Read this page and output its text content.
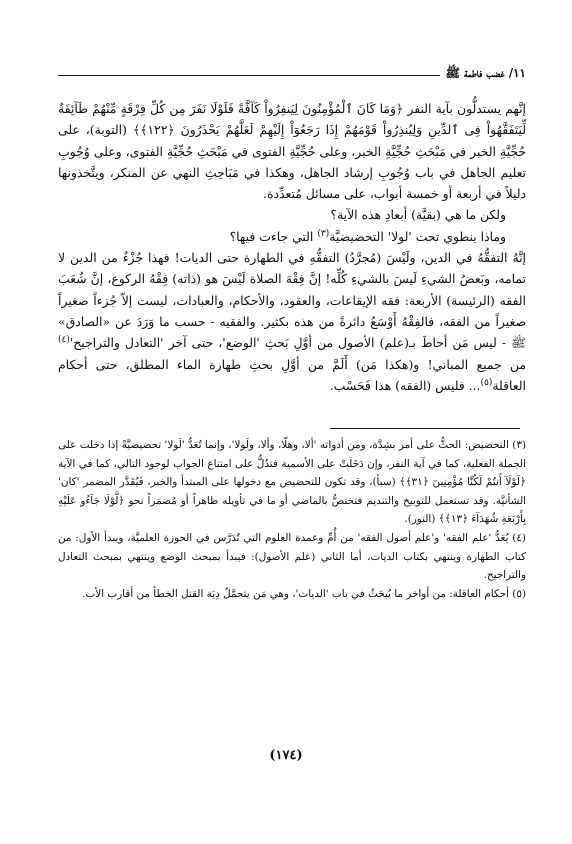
١١/ غضب فاطمة ﷺ

إنَّهم يستدلُّون بآية النفر ﴿وَمَا كَانَ ٱلْمُؤْمِنُونَ لِيَنفِرُواْ كَآفَّةً فَلَوْلَا نَفَرَ مِن كُلِّ فِرْقَةٍ مِّنْهُمْ طَآئِفَةٌ لِّيَتَفَقَّهُواْ فِى ٱلدِّينِ وَلِيُنذِرُواْ قَوْمَهُمْ إِذَا رَجَعُوٓاْ إِلَيْهِمْ لَعَلَّهُمْ يَحْذَرُونَ ﴿١٢٢﴾﴾ (التوبة)، على حُجِّيَّةِ الخبر في مَبْحَثِ حُجِّيَّةِ الخبر، وعلى حُجِّيَّةِ الفتوى في مَبْحَثِ حُجِّيَّةِ الفتوى، وعلى وُجُوبِ تعليم الجاهل في باب وُجُوبِ إرشاد الجاهل، وهكذا في مَبَاحِثِ النهي عن المنكر، ويتَّخذونها دليلاً في أربعة أو خمسة أبواب، على مسائل مُتعدِّدة.

ولكن ما هي (بقيَّة) أبعادِ هذه الآية؟

وماذا ينطوي تحت 'لولا' التحضيضيَّة$^{(٣)}$ التي جاءت فيها؟

إنَّهُ التفقُّهُ في الدين، ولَيْسَ (مُجرَّدُ) التفقُّهِ في الطهارة حتى الديات! فهذا جُزْءٌ من الدين لا تمامه، وبَعضُ الشيءِ لَيسَ بالشيءِ كُلِّه! إنَّ فِقْهَ الصلاة لَيْسَ هو (ذاته) فِقْهُ الركوع، إنَّ شُعَبَ الفقه (الرئيسة) الأربعة: فقه الإيقاعات، والعقود، والأحكام، والعبادات، ليست إلاّ جُزءاً صغيراً صغيراً من الفقه، فالفِقْهُ أَوْسَعُ دائرةً من هذه بكثير. والفقيه - حسب ما وَرَدَ عن «الصادق» ﷺ - ليس مَن أحاطَ بـ(علم) الأصول من أوَّلِ بَحثِ 'الوضع'، حتى آخر 'التعادل والتراجيح'$^{(٤)}$ من جميع المباني! و(هكذا مَن) أَلَمَّ من أوَّلِ بحثِ طهارة الماء المطلق، حتى أحكام العاقلة$^{(٥)}$... فليس (الفقه) هذا فَحَسْب.

(٣) التحضيض: الحثُّ على أمر بشِدَّة، ومن أدواته 'ألا، وهلّا، وألا، ولَولا'، وإنما تُعَدُّ 'لَولا' تحضيضيَّةً إذا دخلت على الجملة الفعلية، كما في آية النفر، وإن دَخَلَتْ على الأسمية فتدُلُّ على امتناع الجواب لوجود التالي، كما في الآية ﴿لَوْلَآ أَنتُمْ لَكُنَّا مُؤْمِنِينَ ﴿٣١﴾﴾ (سبأ)، وقد تكون للتحضيض مع دخولها على المبتدأ والخبر، فَيُقَدَّر المضمر 'كان' الشأنيَّة. وقد تستعمل للتوبيخ والتنديم فتختصُّ بالماضي أو ما في تأويله ظاهراً أو مُضمَراً نحو ﴿لَّوْلَا جَآءُو عَلَيْهِ بِأَرْبَعَةِ شُهَدَآءَ ﴿١٣﴾﴾ (النور).

(٤) يُعَدُّ 'علم الفقه' و'علم أصول الفقه' من أُمِّ وعمدة العلوم التي تُدَرَّس في الحوزة العلميَّة، ويبدأ الأول: من كتاب الطهارة وينتهي بكتاب الديات، أما الثاني (علم الأصول): فيبدأ بمبحث الوضع وينتهي بمبحث التعادل والتراجيح.

(٥) أحكام العاقلة: من أواخر ما يُبحَثُ في باب 'الديات'، وهي مَن يتحمَّلُ دِيَة القتل الخطأ من أقارب الأب.

(١٧٤)
